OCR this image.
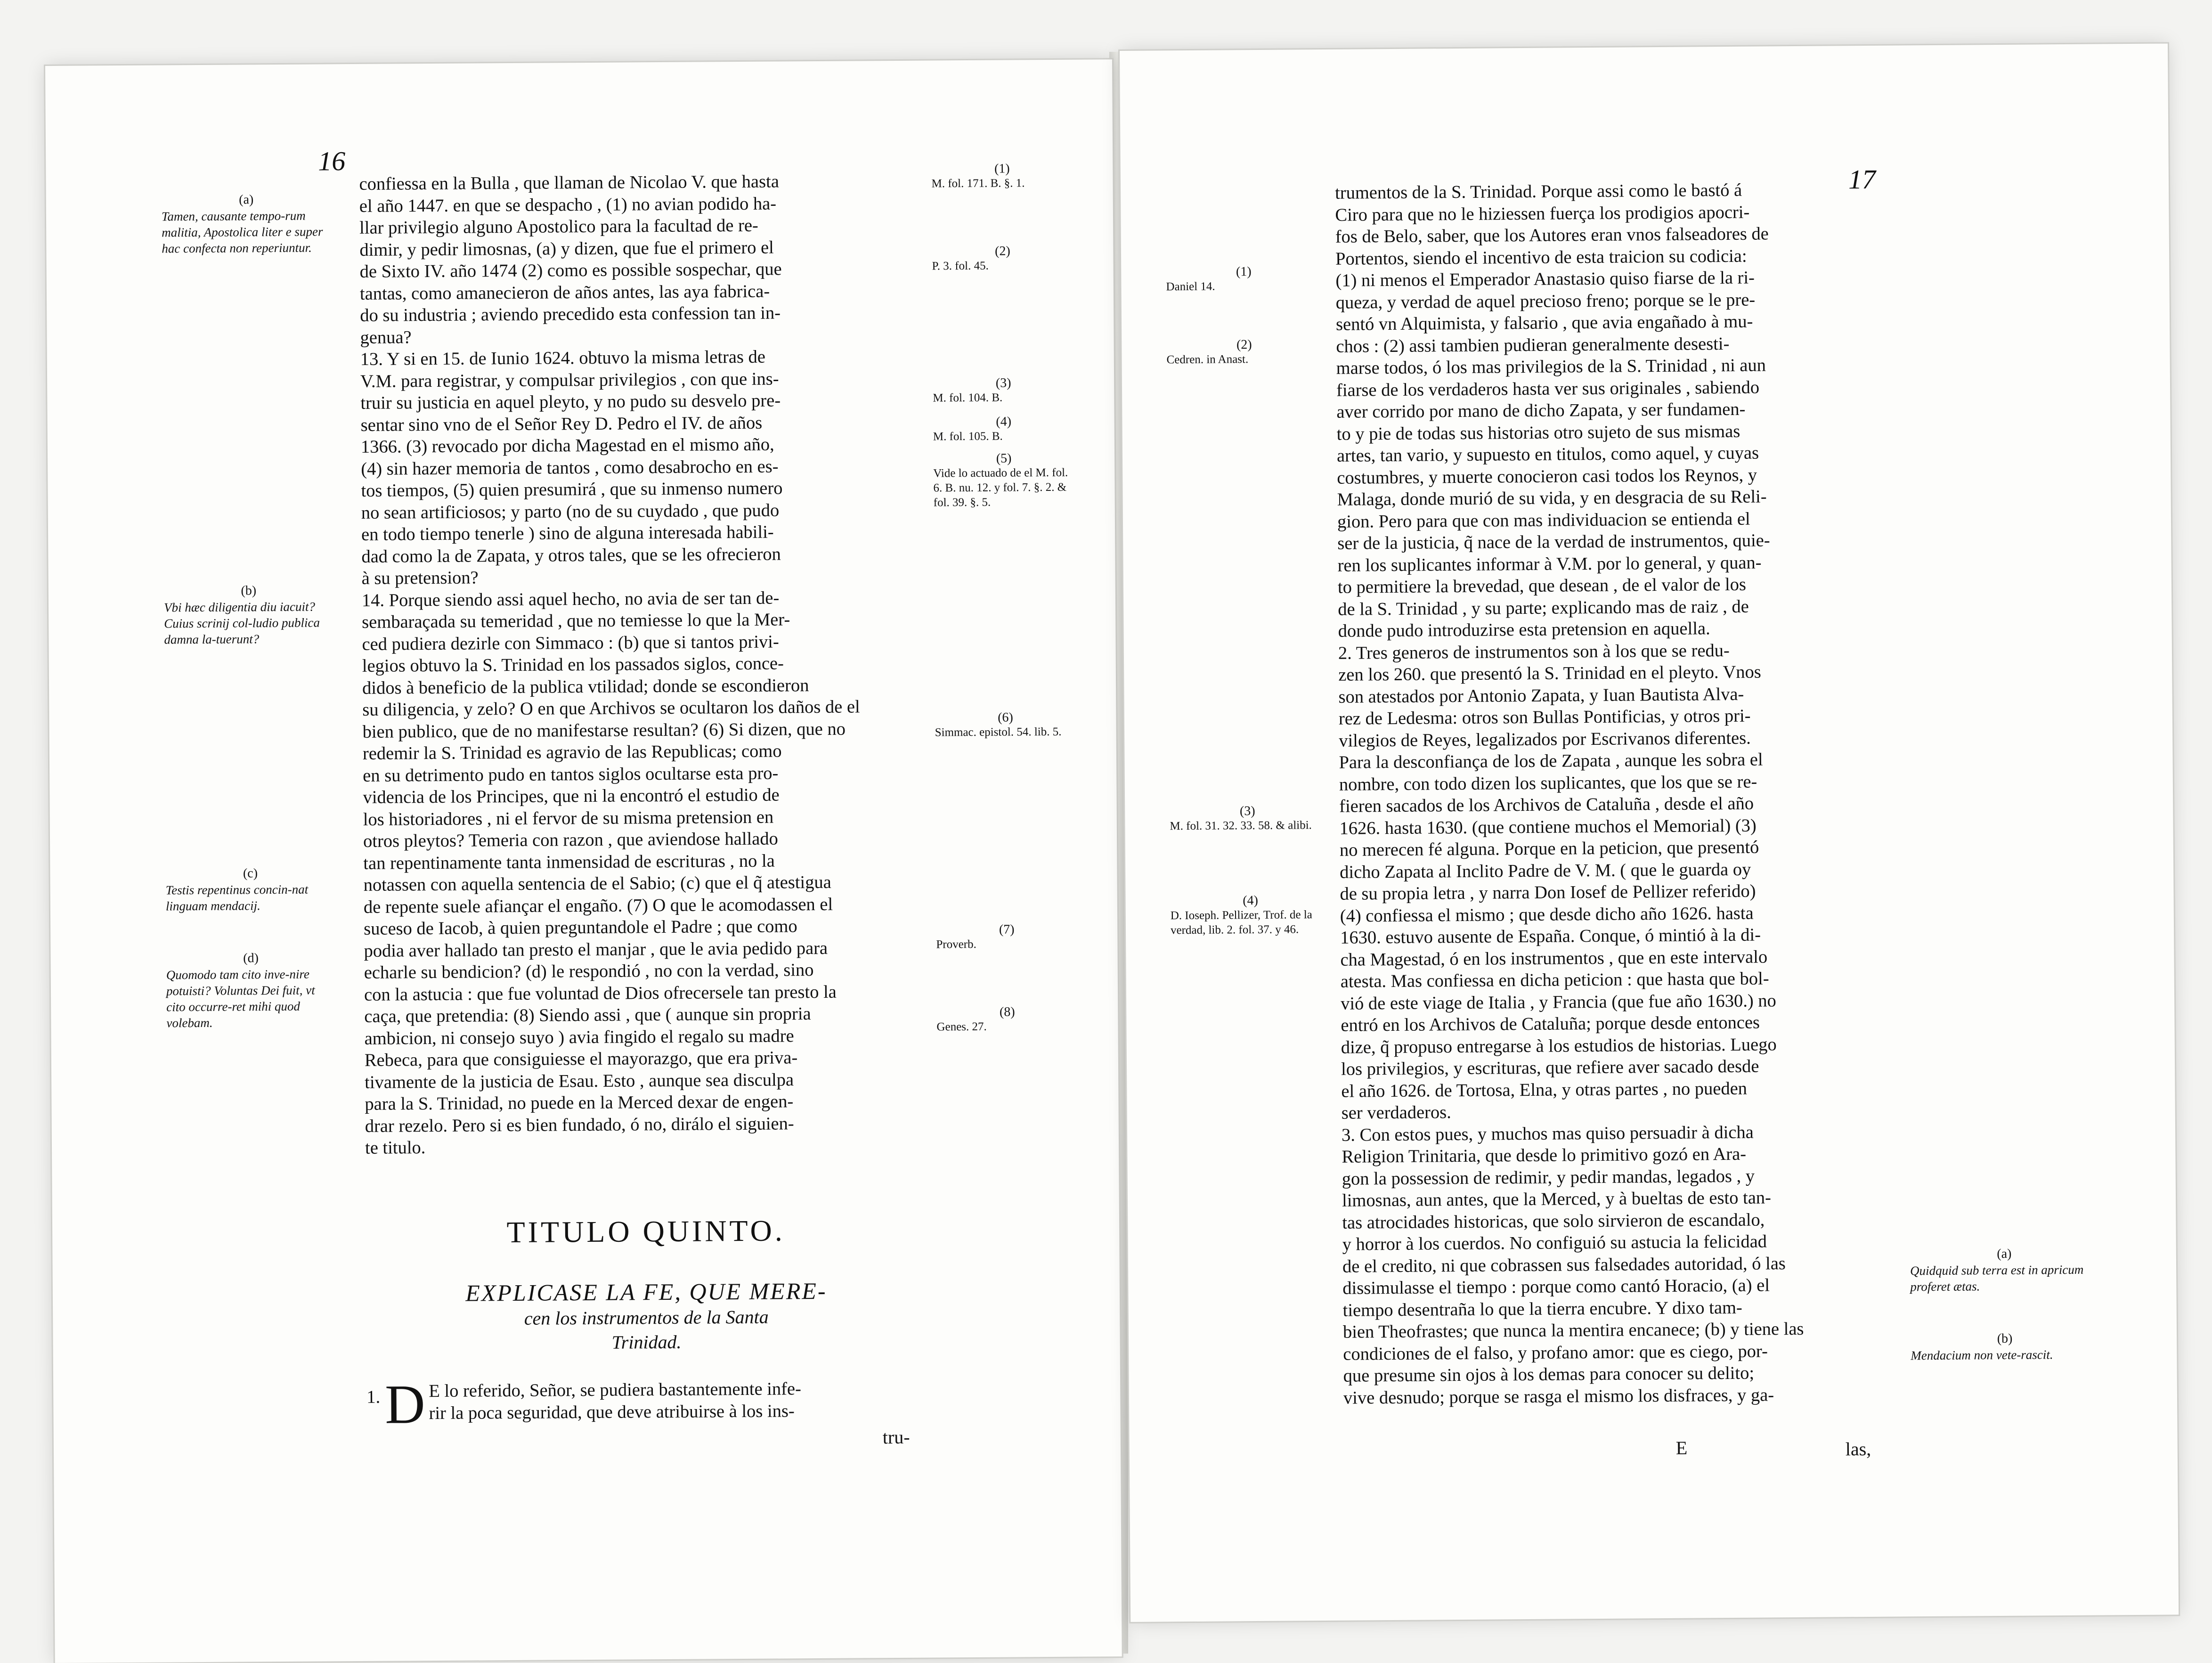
16
confiessa en la Bulla , que llaman de Nicolao V. que hasta
el año 1447. en que se despacho , (1) no avian podido ha-
llar privilegio alguno Apostolico para la facultad de re-
dimir, y pedir limosnas, (a) y dizen, que fue el primero el
de Sixto IV. año 1474 (2) como es possible sospechar, que
tantas, como amanecieron de años antes, las aya fabrica-
do su industria ; aviendo precedido esta confession tan in-
genua?
13. Y si en 15. de Iunio 1624. obtuvo la misma letras de
V.M. para registrar, y compulsar privilegios , con que ins-
truir su justicia en aquel pleyto, y no pudo su desvelo pre-
sentar sino vno de el Señor Rey D. Pedro el IV. de años
1366. (3) revocado por dicha Magestad en el mismo año,
(4) sin hazer memoria de tantos , como desabrocho en es-
tos tiempos, (5) quien presumirá , que su inmenso numero
no sean artificiosos; y parto (no de su cuydado , que pudo
en todo tiempo tenerle ) sino de alguna interesada habili-
dad como la de Zapata, y otros tales, que se les ofrecieron
à su pretension?
14. Porque siendo assi aquel hecho, no avia de ser tan de-
sembaraçada su temeridad , que no temiesse lo que la Mer-
ced pudiera dezirle con Simmaco : (b) que si tantos privi-
legios obtuvo la S. Trinidad en los passados siglos, conce-
didos à beneficio de la publica vtilidad; donde se escondieron
su diligencia, y zelo? O en que Archivos se ocultaron los daños de el
bien publico, que de no manifestarse resultan? (6) Si dizen, que no
redemir la S. Trinidad es agravio de las Republicas; como
en su detrimento pudo en tantos siglos ocultarse esta pro-
videncia de los Principes, que ni la encontró el estudio de
los historiadores , ni el fervor de su misma pretension en
otros pleytos? Temeria con razon , que aviendose hallado
tan repentinamente tanta inmensidad de escrituras , no la
notassen con aquella sentencia de el Sabio; (c) que el q̃ atestigua
de repente suele afiançar el engaño. (7) O que le acomodassen el
suceso de Iacob, à quien preguntandole el Padre ; que como
podia aver hallado tan presto el manjar , que le avia pedido para
echarle su bendicion? (d) le respondió , no con la verdad, sino
con la astucia : que fue voluntad de Dios ofrecersele tan presto la
caça, que pretendia: (8) Siendo assi , que ( aunque sin propria
ambicion, ni consejo suyo ) avia fingido el regalo su madre
Rebeca, para que consiguiesse el mayorazgo, que era priva-
tivamente de la justicia de Esau. Esto , aunque sea disculpa
para la S. Trinidad, no puede en la Merced dexar de engen-
drar rezelo. Pero si es bien fundado, ó no, dirálo el siguien-
te titulo.
TITULO QUINTO.
EXPLICASE LA FE, QUE MERE-
cen los instrumentos de la Santa
Trinidad.
1. D E lo referido, Señor, se pudiera bastantemente infe-
rir la poca seguridad, que deve atribuirse à los ins-
tru-
(a)
Tamen, causante tempo-rum malitia, Apostolica liter e super hac confecta non reperiuntur.
(b)
Vbi hæc diligentia diu iacuit? Cuius scrinij col-ludio publica damna la-tuerunt?
(c)
Testis repentinus concin-nat linguam mendacij.
(d)
Quomodo tam cito inve-nire potuisti? Voluntas Dei fuit, vt cito occurre-ret mihi quod volebam.
(1)
M. fol. 171. B. §. 1.
(2)
P. 3. fol. 45.
(3)
M. fol. 104. B.
(4)
M. fol. 105. B.
(5)
Vide lo actuado de el M. fol. 6. B. nu. 12. y fol. 7. §. 2. & fol. 39. §. 5.
(6)
Simmac. epistol. 54. lib. 5.
(7)
Proverb.
(8)
Genes. 27.
17
trumentos de la S. Trinidad. Porque assi como le bastó á
Ciro para que no le hiziessen fuerça los prodigios apocri-
fos de Belo, saber, que los Autores eran vnos falseadores de
Portentos, siendo el incentivo de esta traicion su codicia:
(1) ni menos el Emperador Anastasio quiso fiarse de la ri-
queza, y verdad de aquel precioso freno; porque se le pre-
sentó vn Alquimista, y falsario , que avia engañado à mu-
chos : (2) assi tambien pudieran generalmente desesti-
marse todos, ó los mas privilegios de la S. Trinidad , ni aun
fiarse de los verdaderos hasta ver sus originales , sabiendo
aver corrido por mano de dicho Zapata, y ser fundamen-
to y pie de todas sus historias otro sujeto de sus mismas
artes, tan vario, y supuesto en titulos, como aquel, y cuyas
costumbres, y muerte conocieron casi todos los Reynos, y
Malaga, donde murió de su vida, y en desgracia de su Reli-
gion. Pero para que con mas individuacion se entienda el
ser de la justicia, q̃ nace de la verdad de instrumentos, quie-
ren los suplicantes informar à V.M. por lo general, y quan-
to permitiere la brevedad, que desean , de el valor de los
de la S. Trinidad , y su parte; explicando mas de raiz , de
donde pudo introduzirse esta pretension en aquella.
2. Tres generos de instrumentos son à los que se redu-
zen los 260. que presentó la S. Trinidad en el pleyto. Vnos
son atestados por Antonio Zapata, y Iuan Bautista Alva-
rez de Ledesma: otros son Bullas Pontificias, y otros pri-
vilegios de Reyes, legalizados por Escrivanos diferentes.
Para la desconfiança de los de Zapata , aunque les sobra el
nombre, con todo dizen los suplicantes, que los que se re-
fieren sacados de los Archivos de Cataluña , desde el año
1626. hasta 1630. (que contiene muchos el Memorial) (3)
no merecen fé alguna. Porque en la peticion, que presentó
dicho Zapata al Inclito Padre de V. M. ( que le guarda oy
de su propia letra , y narra Don Iosef de Pellizer referido)
(4) confiessa el mismo ; que desde dicho año 1626. hasta
1630. estuvo ausente de España. Conque, ó mintió à la di-
cha Magestad, ó en los instrumentos , que en este intervalo
atesta. Mas confiessa en dicha peticion : que hasta que bol-
vió de este viage de Italia , y Francia (que fue año 1630.) no
entró en los Archivos de Cataluña; porque desde entonces
dize, q̃ propuso entregarse à los estudios de historias. Luego
los privilegios, y escrituras, que refiere aver sacado desde
el año 1626. de Tortosa, Elna, y otras partes , no pueden
ser verdaderos.
3. Con estos pues, y muchos mas quiso persuadir à dicha
Religion Trinitaria, que desde lo primitivo gozó en Ara-
gon la possession de redimir, y pedir mandas, legados , y
limosnas, aun antes, que la Merced, y à bueltas de esto tan-
tas atrocidades historicas, que solo sirvieron de escandalo,
y horror à los cuerdos. No configuió su astucia la felicidad
de el credito, ni que cobrassen sus falsedades autoridad, ó las
dissimulasse el tiempo : porque como cantó Horacio, (a) el
tiempo desentraña lo que la tierra encubre. Y dixo tam-
bien Theofrastes; que nunca la mentira encanece; (b) y tiene las
condiciones de el falso, y profano amor: que es ciego, por-
que presume sin ojos à los demas para conocer su delito;
vive desnudo; porque se rasga el mismo los disfraces, y ga-
E	las,
(1)
Daniel 14.
(2)
Cedren. in Anast.
(3)
M. fol. 31. 32. 33. 58. & alibi.
(4)
D. Ioseph. Pellizer, Trof. de la verdad, lib. 2. fol. 37. y 46.
(a)
Quidquid sub terra est in apricum proferet ætas.
(b)
Mendacium non vete-rascit.
